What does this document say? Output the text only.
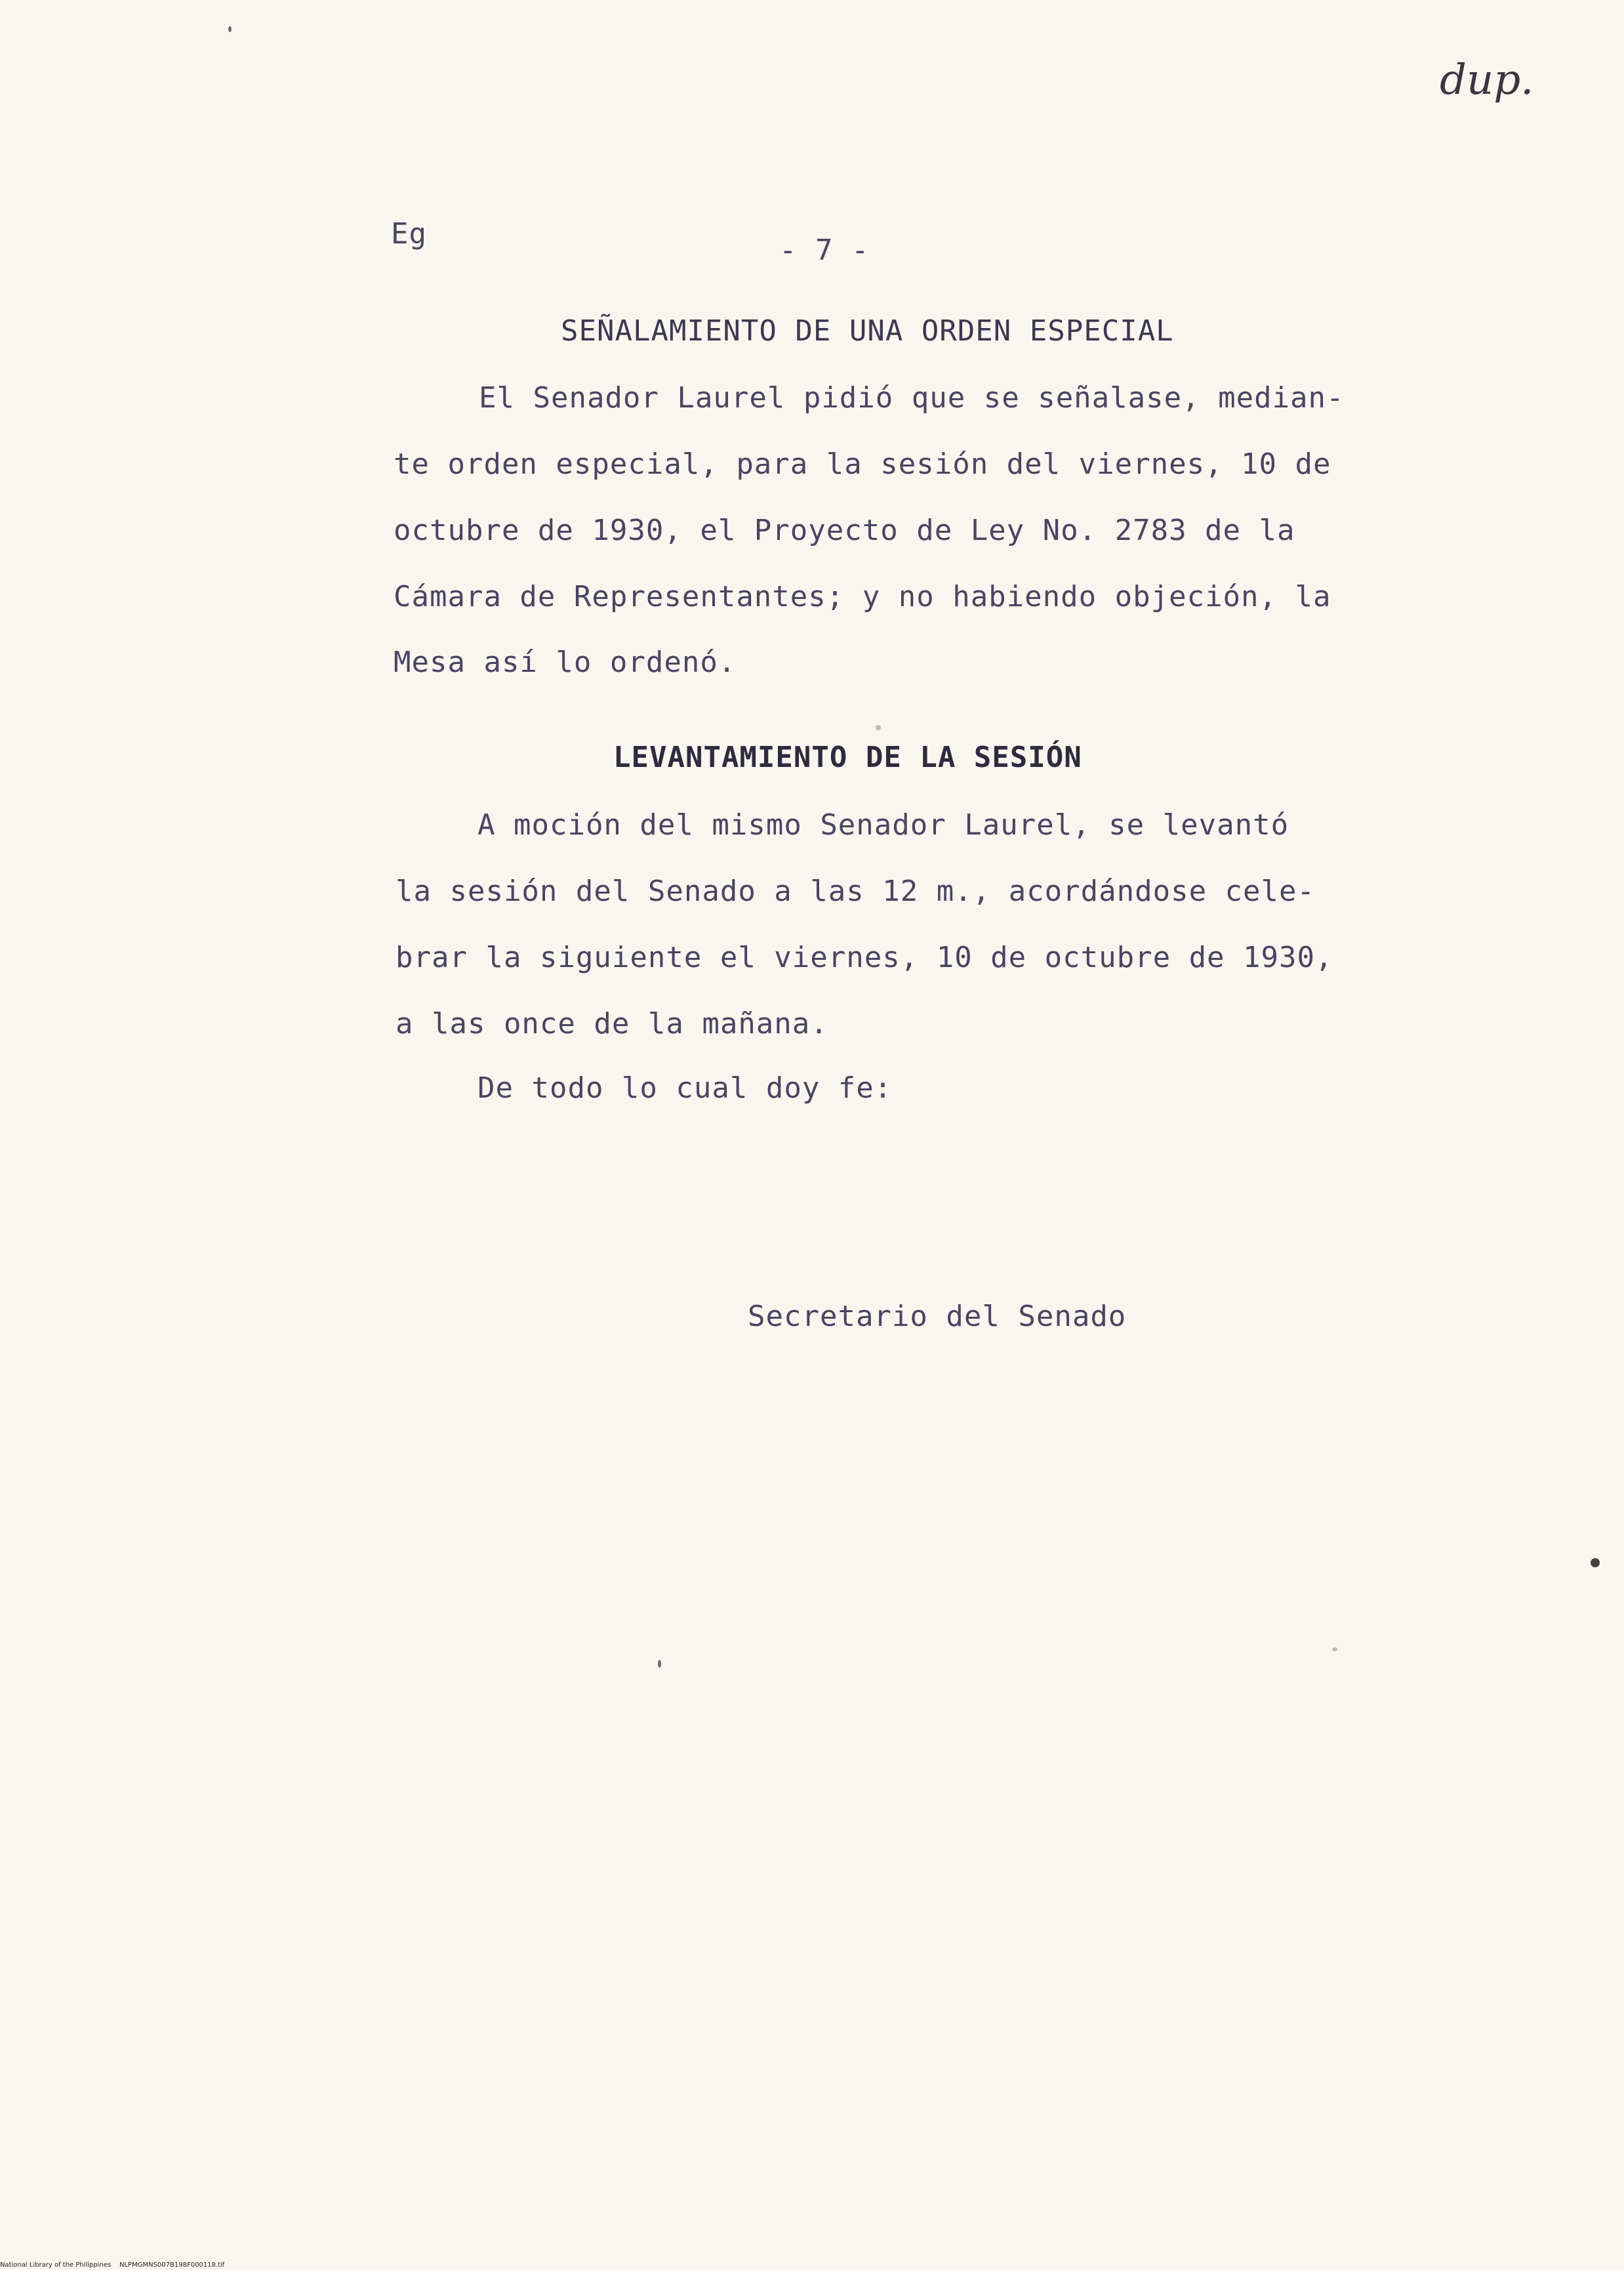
dup.
Eg	- 7 -
SEÑALAMIENTO DE UNA ORDEN ESPECIAL
El Senador Laurel pidió que se señalase, median-
te orden especial, para la sesión del viernes, 10 de
octubre de 1930, el Proyecto de Ley No. 2783 de la
Cámara de Representantes; y no habiendo objeción, la
Mesa así lo ordenó.
LEVANTAMIENTO DE LA SESIÓN
A moción del mismo Senador Laurel, se levantó
la sesión del Senado a las 12 m., acordándose cele-
brar la siguiente el viernes, 10 de octubre de 1930,
a las once de la mañana.
De todo lo cual doy fe:
Secretario del Senado
National Library of the Philippines NLPMGMNS007B198F000118.tif
